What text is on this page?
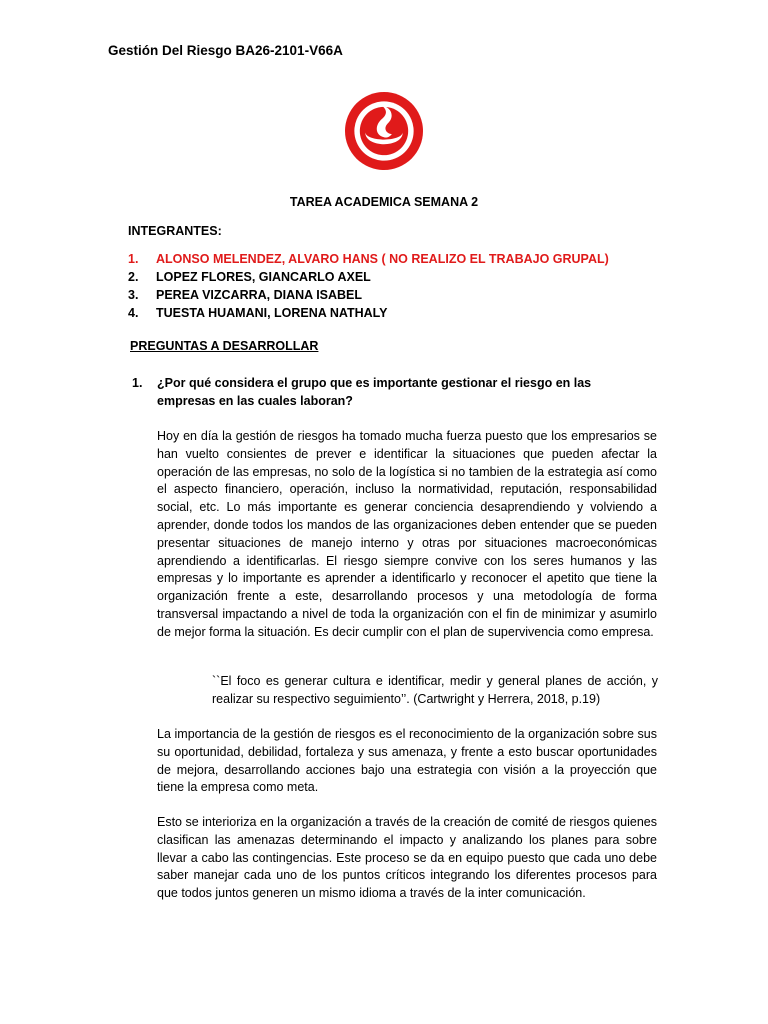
Gestión Del Riesgo BA26-2101-V66A
TAREA ACADEMICA SEMANA 2
INTEGRANTES:
1.	ALONSO MELENDEZ, ALVARO HANS ( NO REALIZO EL TRABAJO GRUPAL)
2.	LOPEZ FLORES, GIANCARLO AXEL
3.	PEREA VIZCARRA, DIANA ISABEL
4.	TUESTA HUAMANI, LORENA NATHALY
PREGUNTAS A DESARROLLAR
1.	¿Por qué considera el grupo que es importante gestionar el riesgo en las empresas en las cuales laboran?

Hoy en día la gestión de riesgos ha tomado mucha fuerza puesto que los empresarios se han vuelto consientes de prever e identificar la situaciones que pueden afectar la operación de las empresas, no solo de la logística si no tambien de la estrategia así como el aspecto financiero, operación, incluso la normatividad, reputación, responsabilidad social, etc. Lo más importante es generar conciencia desaprendiendo y volviendo a aprender, donde todos los mandos de las organizaciones deben entender que se pueden presentar situaciones de manejo interno y otras por situaciones macroeconómicas aprendiendo a identificarlas. El riesgo siempre convive con los seres humanos y las empresas y lo importante es aprender a identificarlo y reconocer el apetito que tiene la organización frente a este, desarrollando procesos y una metodología de forma transversal impactando a nivel de toda la organización con el fin de minimizar y asumirlo de mejor forma la situación. Es decir cumplir con el plan de supervivencia como empresa.

``El foco es generar cultura e identificar, medir y general planes de acción, y realizar su respectivo seguimiento’’. (Cartwright y Herrera, 2018, p.19)

La importancia de la gestión de riesgos es el reconocimiento de la organización sobre sus su oportunidad, debilidad, fortaleza y sus amenaza, y frente a esto buscar oportunidades de mejora, desarrollando acciones bajo una estrategia con visión a la proyección que tiene la empresa como meta.

Esto se interioriza en la organización a través de la creación de comité de riesgos quienes clasifican las amenazas determinando el impacto y analizando los planes para sobre llevar a cabo las contingencias. Este proceso se da en equipo puesto que cada uno debe saber manejar cada uno de los puntos críticos integrando los diferentes procesos para que todos juntos generen un mismo idioma a través de la inter comunicación.
